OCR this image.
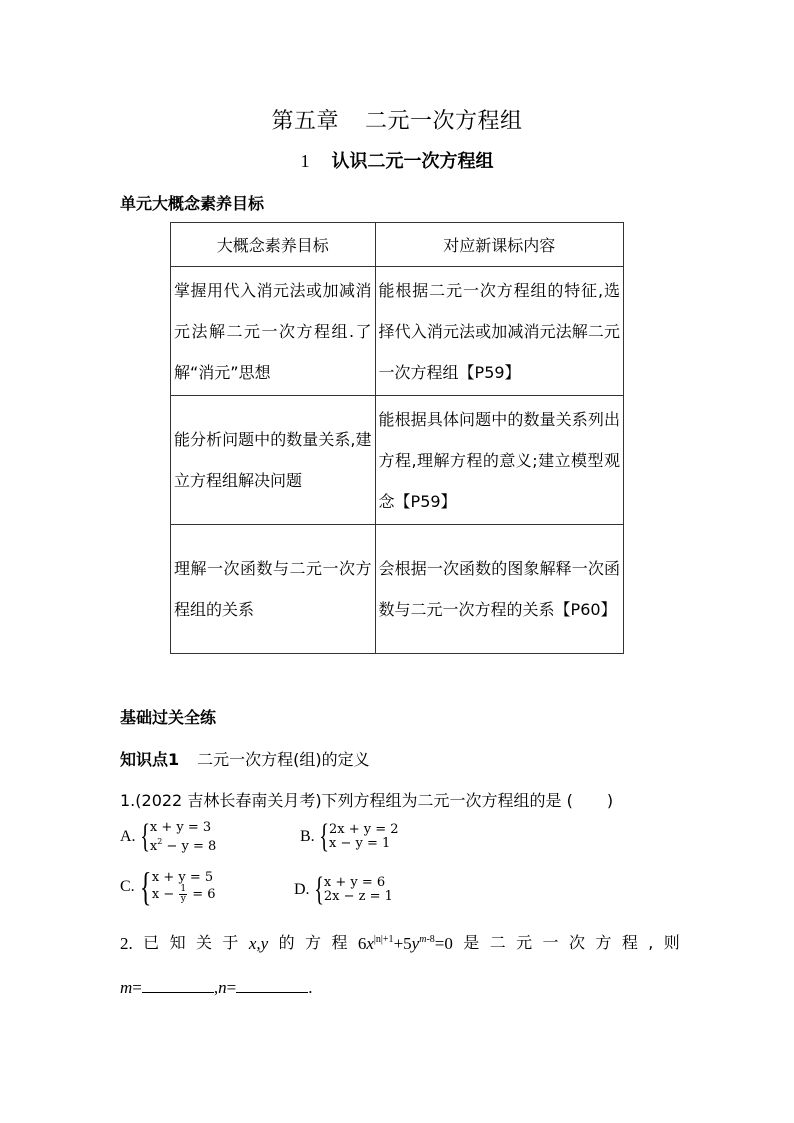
第五章 二元一次方程组
1 认识二元一次方程组
单元大概念素养目标
大概念素养目标	对应新课标内容
掌握用代入消元法或加减消元法解二元一次方程组.了解“消元”思想	能根据二元一次方程组的特征,选择代入消元法或加减消元法解二元一次方程组【P59】
能分析问题中的数量关系,建立方程组解决问题	能根据具体问题中的数量关系列出方程,理解方程的意义;建立模型观念【P59】
理解一次函数与二元一次方程组的关系	会根据一次函数的图象解释一次函数与二元一次方程的关系【P60】
基础过关全练
知识点1 二元一次方程(组)的定义
1.(2022 吉林长春南关月考)下列方程组为二元一次方程组的是 ( )
A. { x + y = 3
$x^2 - y = 8$
B. { 2x + y = 2
x − y = 1
C. { x + y = 5
$x - \frac{1}{y} = 6$	D. { x + y = 6
2x − z = 1
2. 已 知 关 于 x,y 的 方 程 $6x^{|n|+1}+5y^{m-8}=0$ 是 二 元 一 次 方 程 , 则
m=	,n=	.
